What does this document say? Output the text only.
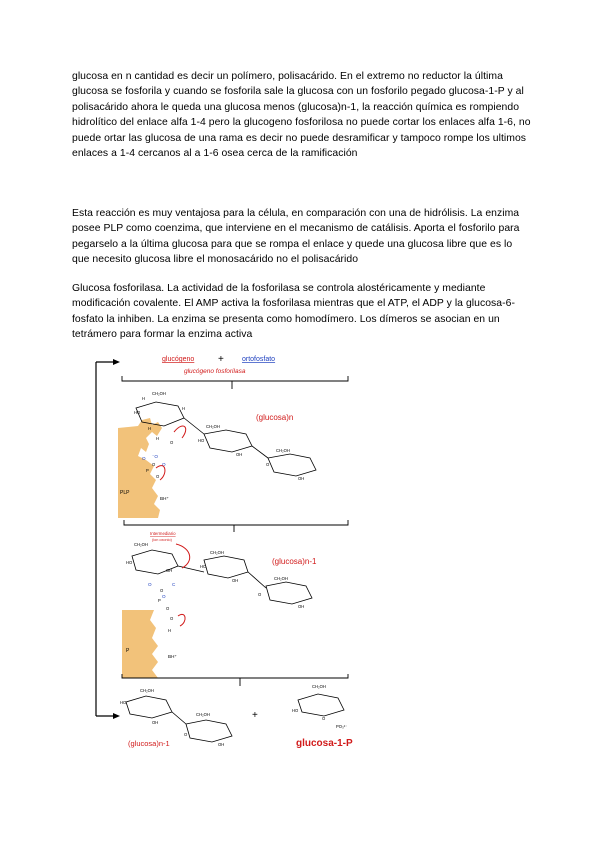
glucosa en n cantidad es decir un polímero, polisacárido. En el extremo no reductor la última glucosa se fosforila y cuando se fosforila sale la glucosa con un fosforilo pegado glucosa-1-P y al polisacárido ahora le queda una glucosa menos (glucosa)n-1, la reacción química es rompiendo hidrolítico del enlace alfa 1-4 pero la glucogeno fosforilosa no puede cortar los enlaces alfa 1-6, no puede ortar las glucosa de una rama es decir no puede desramificar y tampoco rompe los ultimos enlaces a 1-4 cercanos al a 1-6 osea cerca de la ramificación

Esta reacción es muy ventajosa para la célula, en comparación con una de hidrólisis. La enzima posee PLP como coenzima, que interviene en el mecanismo de catálisis. Aporta el fosforilo para pegarselo a la última glucosa para que se rompa el enlace y quede una glucosa libre que es lo que necesito glucosa libre el monosacárido no el polisacárido

Glucosa fosforilasa. La actividad de la fosforilasa se controla alostéricamente y mediante modificación covalente. El AMP activa la fosforilasa mientras que el ATP, el ADP y la glucosa-6-fosfato la inhiben. La enzima se presenta como homodímero. Los dímeros se asocian en un tetrámero para formar la enzima activa

glucógeno +	ortofosfato
glucógeno fosforilasa
H
CH₂OH
HO
H
H
CH₂OH
HO
OH
CH₂OH
O
OH
H
O
O
P
O
PLP
BH⁺
O ⁻O
O
(glucosa)n
Intermediario
(ion oxonio)
CH₂OH
HO
OH
CH₂OH
HO
OH	CH₂OH
O
OH
O
P
O
O
H
O	C
O
P
BH⁺
(glucosa)n-1
HO
CH₂OH
OH
CH₂OH
O
OH
HO
CH₂OH
O
PO₃²⁻
+
(glucosa)n-1	glucosa-1-P
